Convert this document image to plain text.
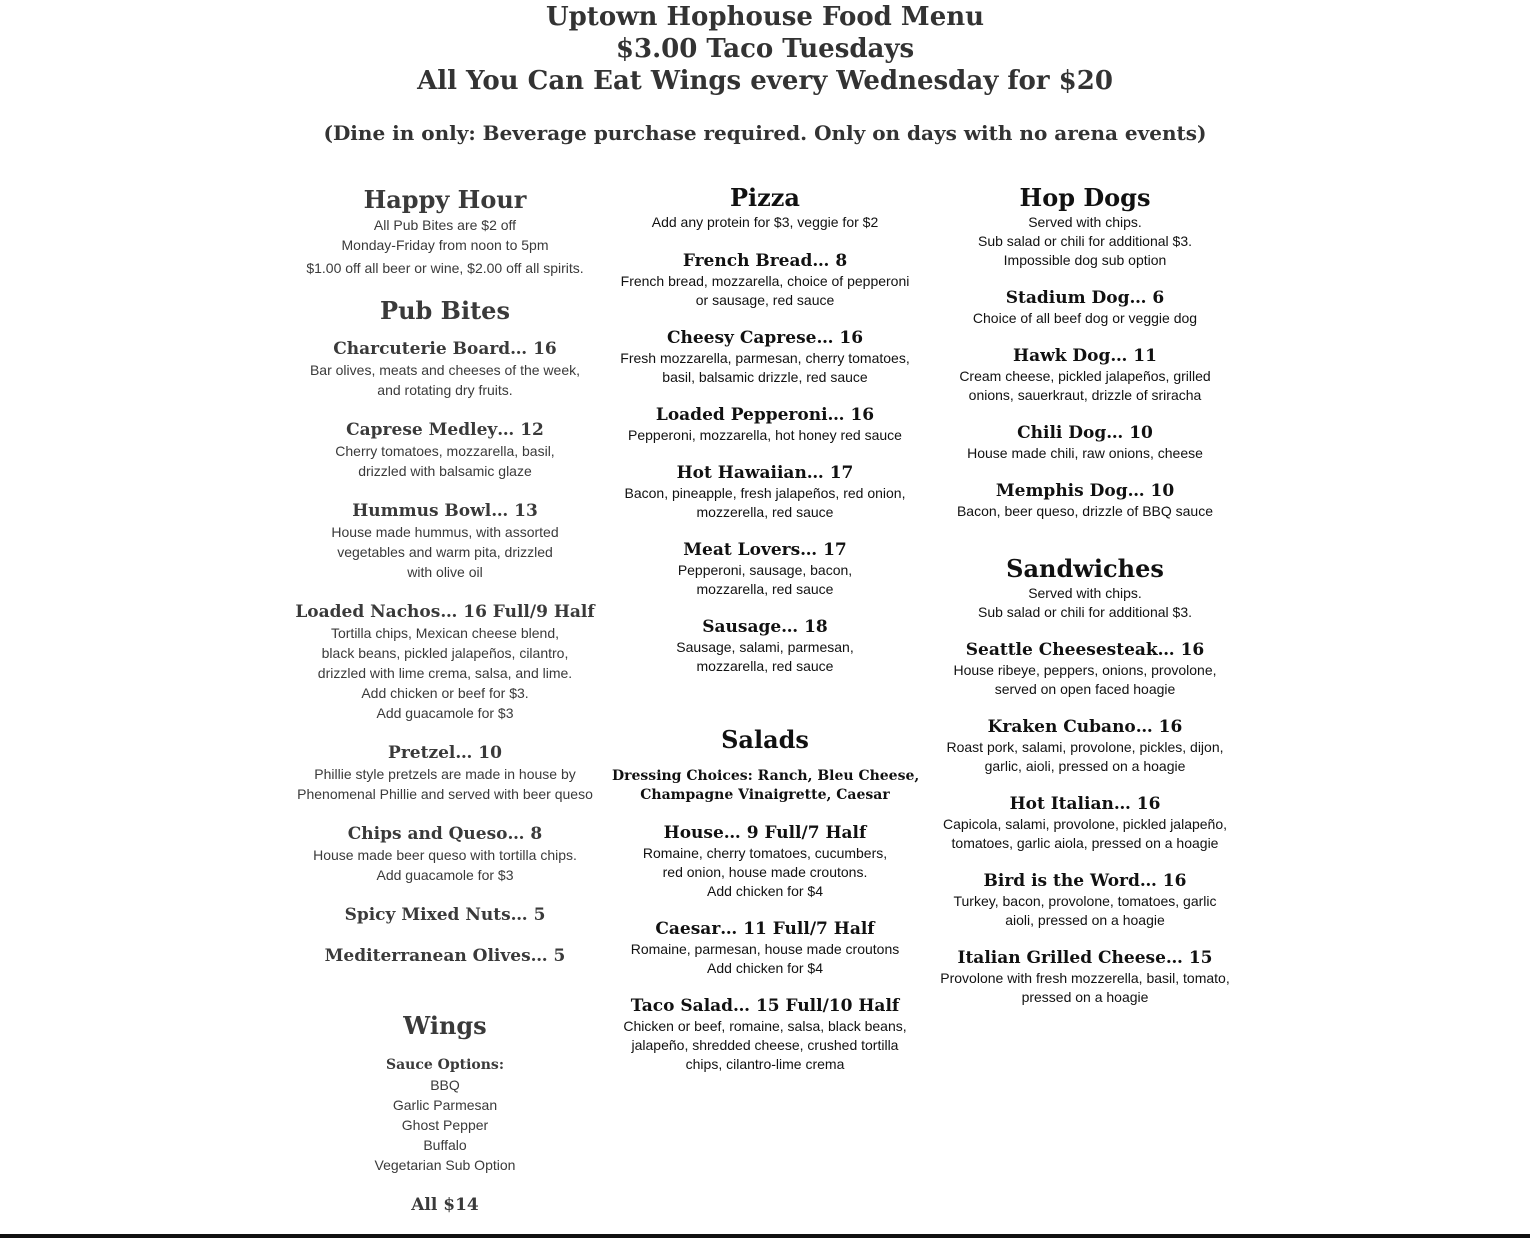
Uptown Hophouse Food Menu
$3.00 Taco Tuesdays
All You Can Eat Wings every Wednesday for $20
(Dine in only: Beverage purchase required. Only on days with no arena events)
Happy Hour
All Pub Bites are $2 off
Monday-Friday from noon to 5pm
$1.00 off all beer or wine, $2.00 off all spirits.
Pub Bites
Charcuterie Board… 16
Bar olives, meats and cheeses of the week,
and rotating dry fruits.
Caprese Medley… 12
Cherry tomatoes, mozzarella, basil,
drizzled with balsamic glaze
Hummus Bowl… 13
House made hummus, with assorted
vegetables and warm pita, drizzled
with olive oil
Loaded Nachos… 16 Full/9 Half
Tortilla chips, Mexican cheese blend,
black beans, pickled jalapeños, cilantro,
drizzled with lime crema, salsa, and lime.
Add chicken or beef for $3.
Add guacamole for $3
Pretzel… 10
Phillie style pretzels are made in house by
Phenomenal Phillie and served with beer queso
Chips and Queso… 8
House made beer queso with tortilla chips.
Add guacamole for $3
Spicy Mixed Nuts… 5
Mediterranean Olives… 5
Wings
Sauce Options:
BBQ
Garlic Parmesan
Ghost Pepper
Buffalo
Vegetarian Sub Option
All $14
Pizza
Add any protein for $3, veggie for $2
French Bread… 8
French bread, mozzarella, choice of pepperoni
or sausage, red sauce
Cheesy Caprese… 16
Fresh mozzarella, parmesan, cherry tomatoes,
basil, balsamic drizzle, red sauce
Loaded Pepperoni… 16
Pepperoni, mozzarella, hot honey red sauce
Hot Hawaiian… 17
Bacon, pineapple, fresh jalapeños, red onion,
mozzerella, red sauce
Meat Lovers… 17
Pepperoni, sausage, bacon,
mozzarella, red sauce
Sausage… 18
Sausage, salami, parmesan,
mozzarella, red sauce
Salads
Dressing Choices: Ranch, Bleu Cheese,
Champagne Vinaigrette, Caesar
House… 9 Full/7 Half
Romaine, cherry tomatoes, cucumbers,
red onion, house made croutons.
Add chicken for $4
Caesar… 11 Full/7 Half
Romaine, parmesan, house made croutons
Add chicken for $4
Taco Salad… 15 Full/10 Half
Chicken or beef, romaine, salsa, black beans,
jalapeño, shredded cheese, crushed tortilla
chips, cilantro-lime crema
Hop Dogs
Served with chips.
Sub salad or chili for additional $3.
Impossible dog sub option
Stadium Dog… 6
Choice of all beef dog or veggie dog
Hawk Dog… 11
Cream cheese, pickled jalapeños, grilled
onions, sauerkraut, drizzle of sriracha
Chili Dog… 10
House made chili, raw onions, cheese
Memphis Dog… 10
Bacon, beer queso, drizzle of BBQ sauce
Sandwiches
Served with chips.
Sub salad or chili for additional $3.
Seattle Cheesesteak… 16
House ribeye, peppers, onions, provolone,
served on open faced hoagie
Kraken Cubano… 16
Roast pork, salami, provolone, pickles, dijon,
garlic, aioli, pressed on a hoagie
Hot Italian… 16
Capicola, salami, provolone, pickled jalapeño,
tomatoes, garlic aiola, pressed on a hoagie
Bird is the Word… 16
Turkey, bacon, provolone, tomatoes, garlic
aioli, pressed on a hoagie
Italian Grilled Cheese… 15
Provolone with fresh mozzerella, basil, tomato,
pressed on a hoagie
